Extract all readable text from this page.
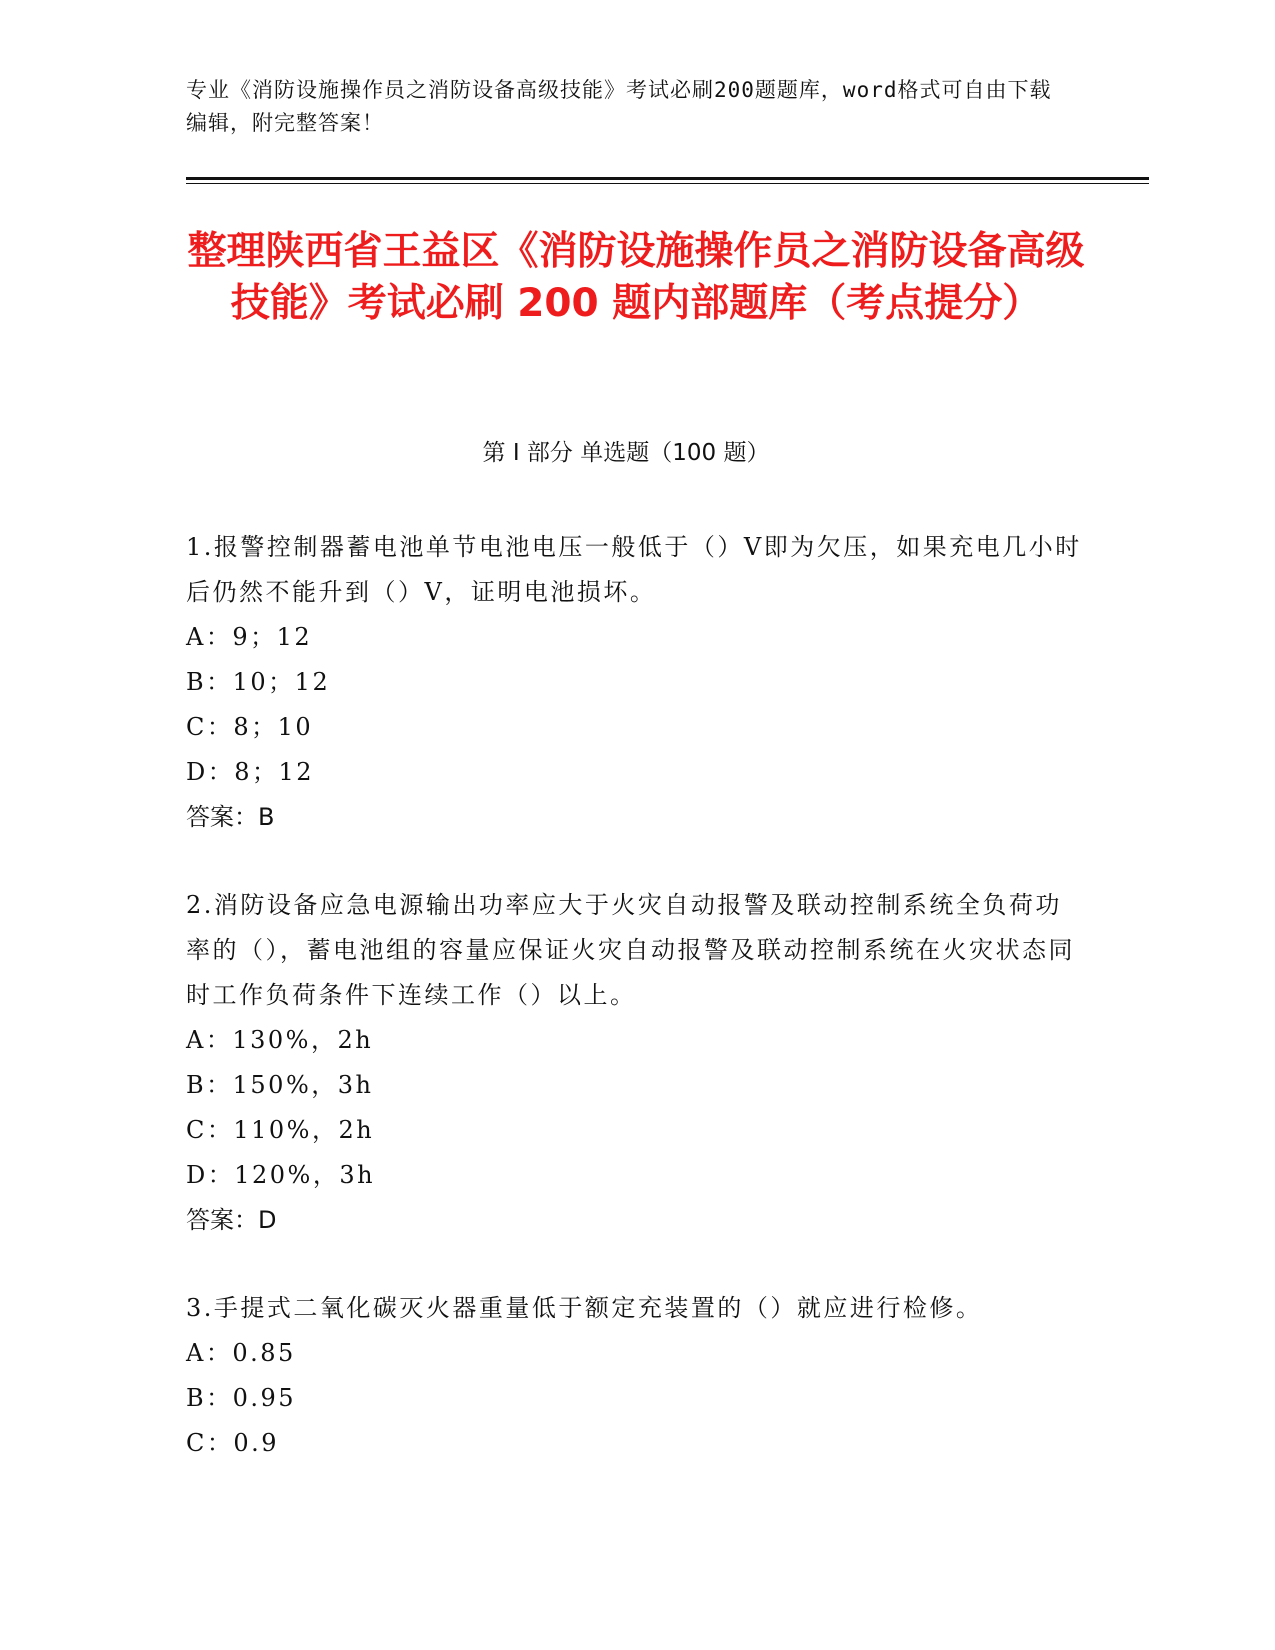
专业《消防设施操作员之消防设备高级技能》考试必刷200题题库，word格式可自由下载编辑，附完整答案！
整理陕西省王益区《消防设施操作员之消防设备高级技能》考试必刷 200 题内部题库（考点提分）
第 I 部分 单选题（100 题）

1.报警控制器蓄电池单节电池电压一般低于（）V即为欠压，如果充电几小时后仍然不能升到（）V，证明电池损坏。

A：9；12

B：10；12

C：8；10

D：8；12

答案：B

2.消防设备应急电源输出功率应大于火灾自动报警及联动控制系统全负荷功率的（），蓄电池组的容量应保证火灾自动报警及联动控制系统在火灾状态同时工作负荷条件下连续工作（）以上。

A：130%，2h

B：150%，3h

C：110%，2h

D：120%，3h

答案：D

3.手提式二氧化碳灭火器重量低于额定充装置的（）就应进行检修。

A：0.85

B：0.95

C：0.9
